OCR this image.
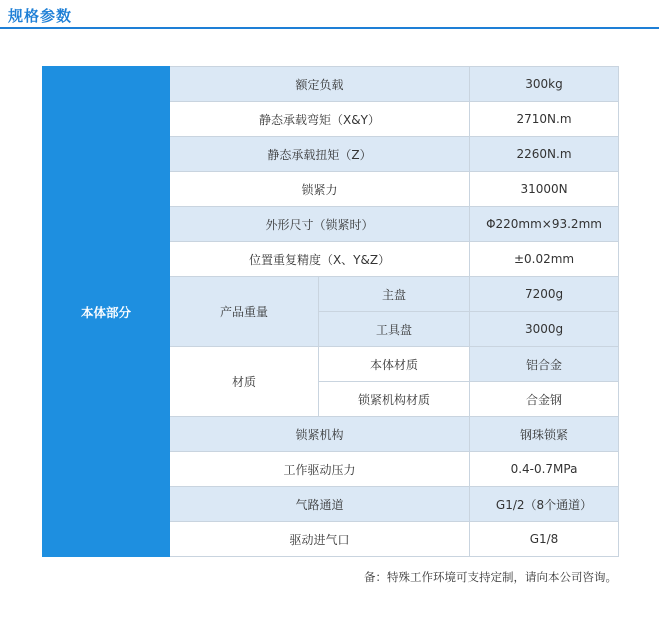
规格参数
本体部分	额定负载		300kg
	静态承载弯矩（X&Y）		2710N.m
	静态承载扭矩（Z）		2260N.m
	锁紧力		31000N
	外形尺寸（锁紧时）		Φ220mm×93.2mm
	位置重复精度（X、Y&Z）		±0.02mm
	产品重量	主盘	7200g
		工具盘	3000g
	材质	本体材质	铝合金
		锁紧机构材质	合金钢
	锁紧机构		钢珠锁紧
	工作驱动压力		0.4-0.7MPa
	气路通道		G1/2（8个通道）
	驱动进气口		G1/8
备：特殊工作环境可支持定制，请向本公司咨询。
